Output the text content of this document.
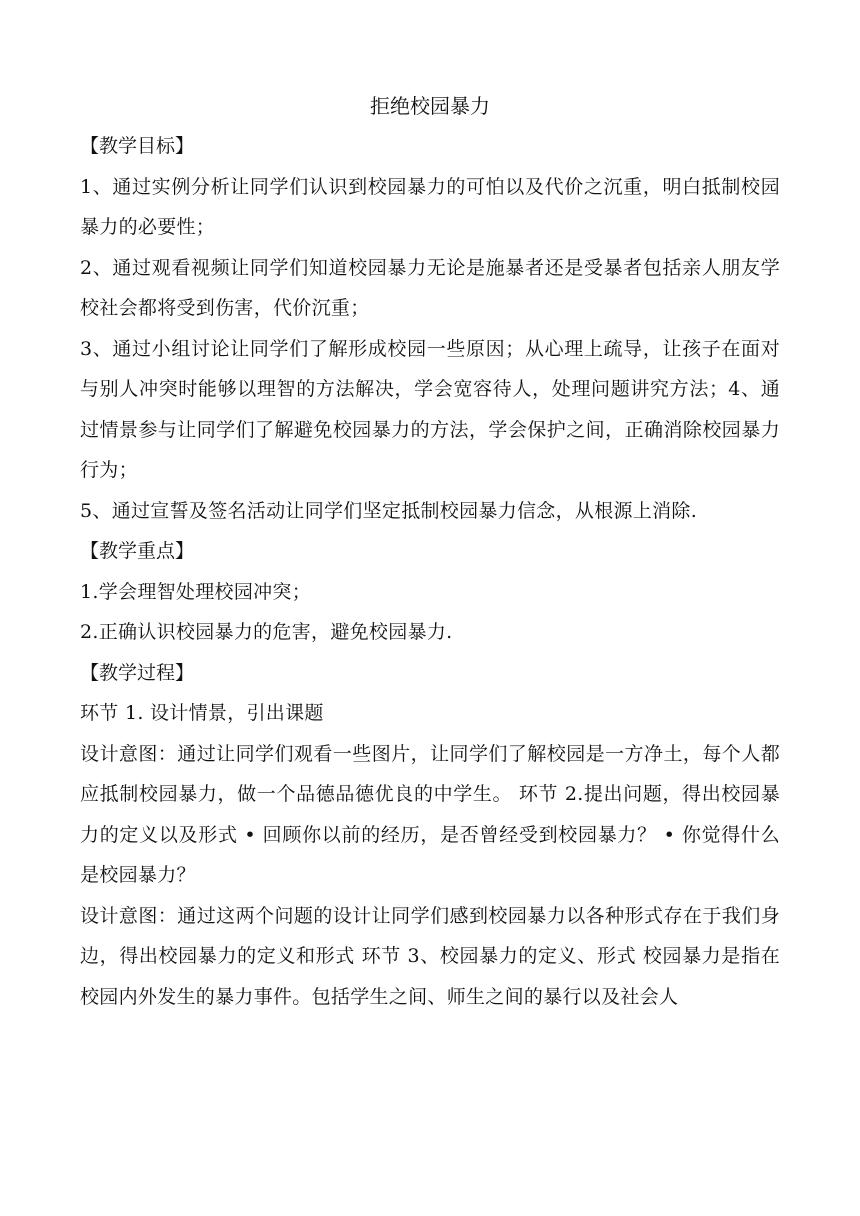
拒绝校园暴力

【教学目标】

1、通过实例分析让同学们认识到校园暴力的可怕以及代价之沉重，明白抵制校园暴力的必要性；

2、通过观看视频让同学们知道校园暴力无论是施暴者还是受暴者包括亲人朋友学校社会都将受到伤害，代价沉重；

3、通过小组讨论让同学们了解形成校园一些原因；从心理上疏导，让孩子在面对与别人冲突时能够以理智的方法解决，学会宽容待人，处理问题讲究方法；4、通过情景参与让同学们了解避免校园暴力的方法，学会保护之间，正确消除校园暴力行为；

5、通过宣誓及签名活动让同学们坚定抵制校园暴力信念，从根源上消除.

【教学重点】

1.学会理智处理校园冲突；

2.正确认识校园暴力的危害，避免校园暴力.

【教学过程】

环节 1. 设计情景，引出课题

设计意图：通过让同学们观看一些图片，让同学们了解校园是一方净土，每个人都应抵制校园暴力，做一个品德品德优良的中学生。 环节 2.提出问题，得出校园暴力的定义以及形式 • 回顾你以前的经历，是否曾经受到校园暴力？ • 你觉得什么是校园暴力？

设计意图：通过这两个问题的设计让同学们感到校园暴力以各种形式存在于我们身边，得出校园暴力的定义和形式 环节 3、校园暴力的定义、形式 校园暴力是指在校园内外发生的暴力事件。包括学生之间、师生之间的暴行以及社会人
